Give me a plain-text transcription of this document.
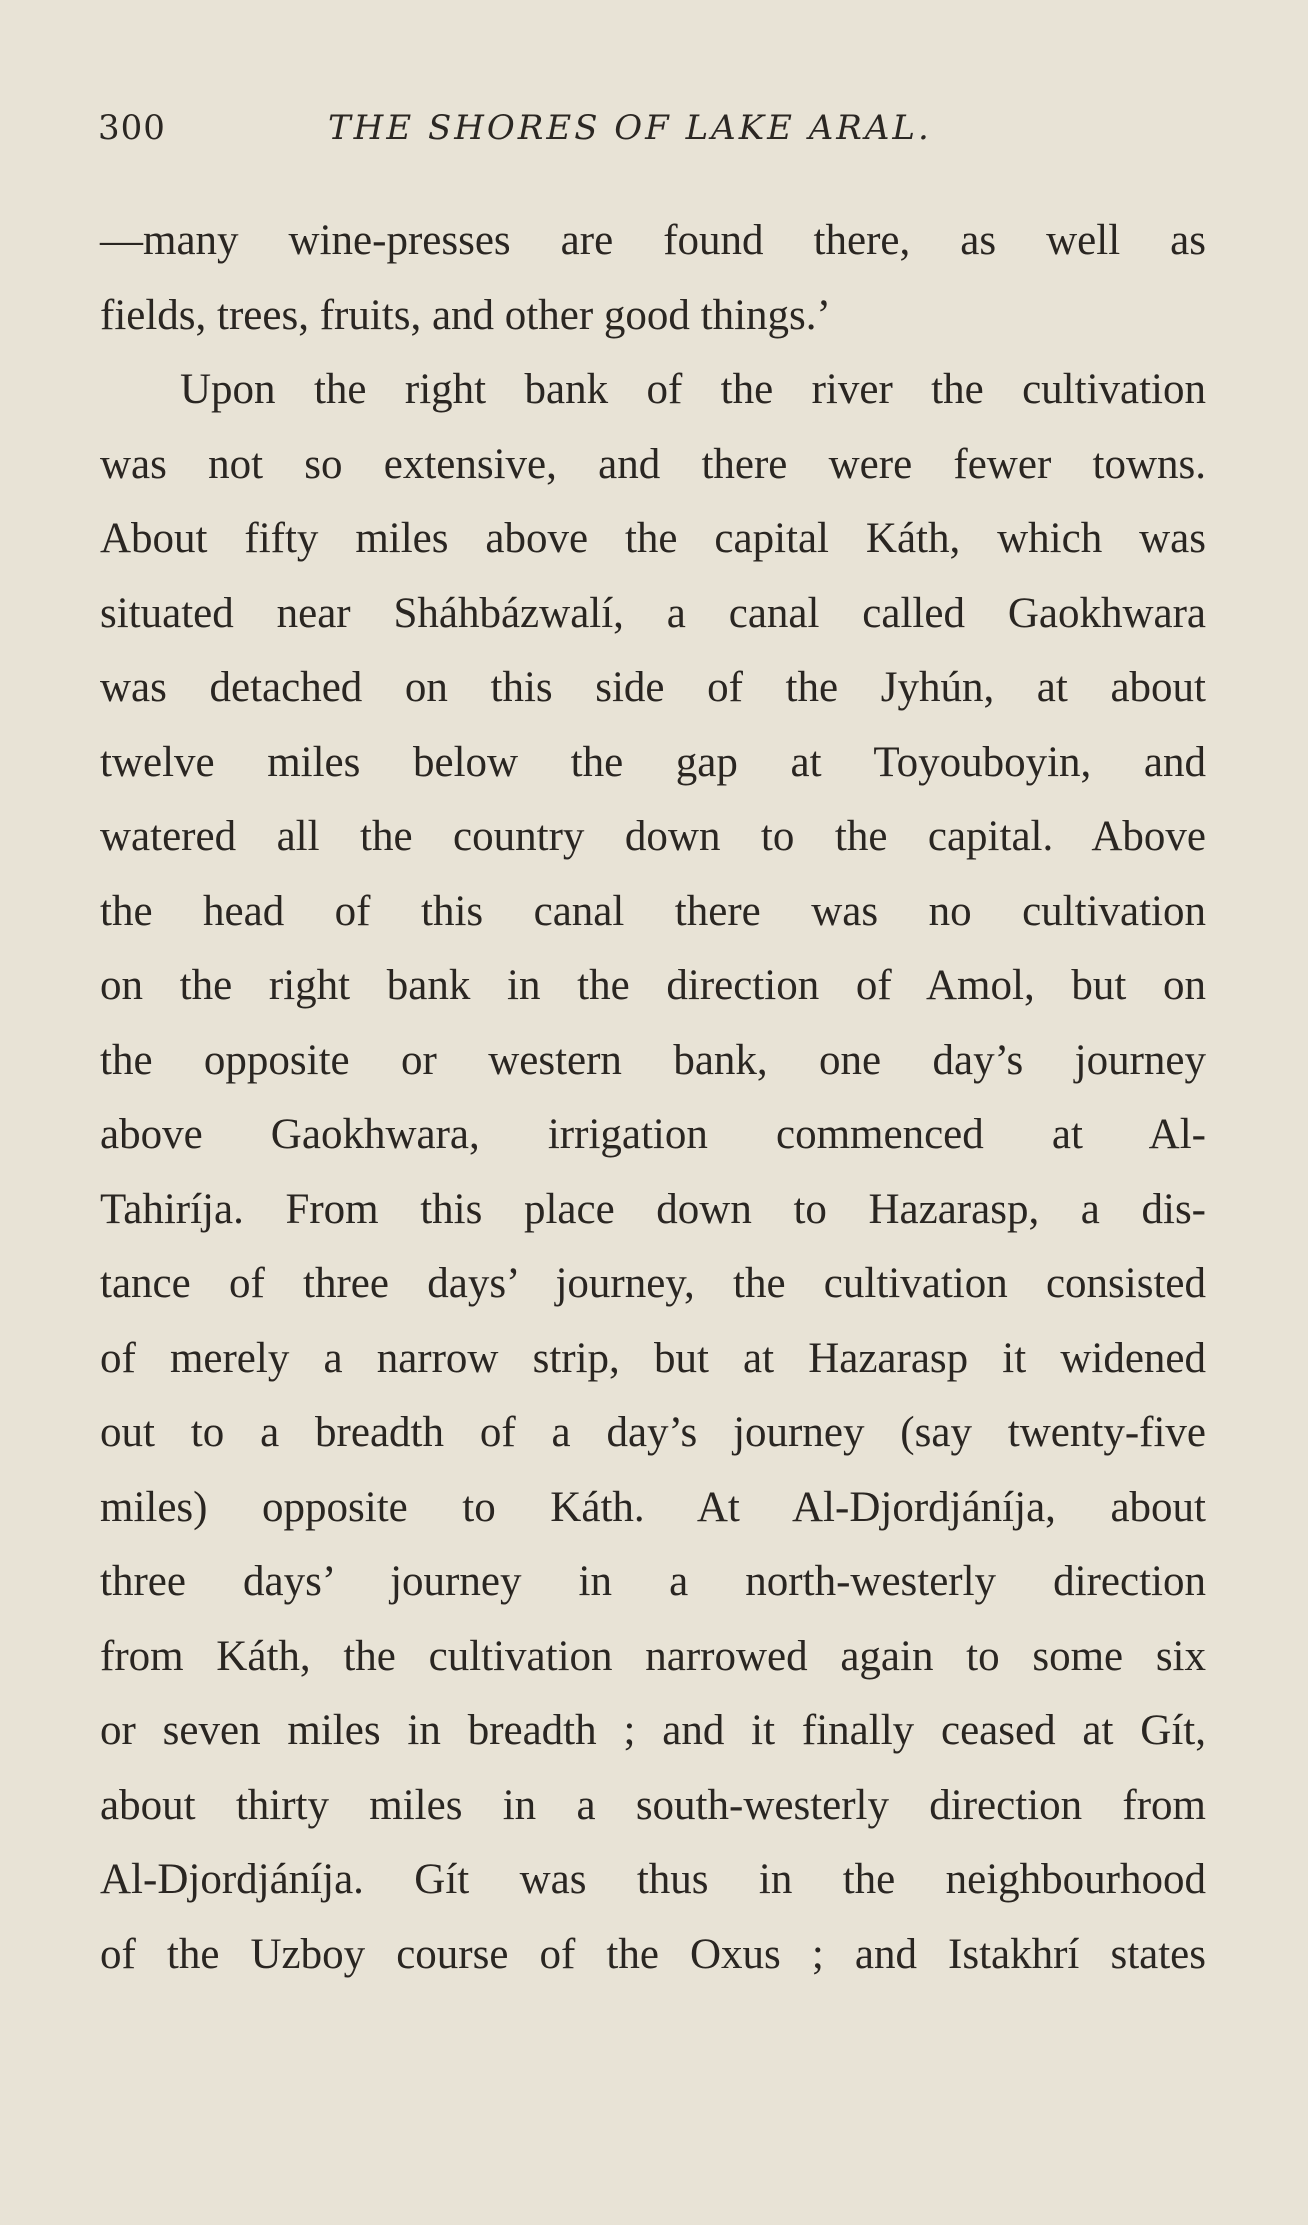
300	THE SHORES OF LAKE ARAL.
—many wine-presses are found there, as well as
fields, trees, fruits, and other good things.’
Upon the right bank of the river the cultivation
was not so extensive, and there were fewer towns.
About fifty miles above the capital Káth, which was
situated near Sháhbázwalí, a canal called Gaokhwara
was detached on this side of the Jyhún, at about
twelve miles below the gap at Toyouboyin, and
watered all the country down to the capital. Above
the head of this canal there was no cultivation
on the right bank in the direction of Amol, but on
the opposite or western bank, one day’s journey
above Gaokhwara, irrigation commenced at Al-
Tahiríja. From this place down to Hazarasp, a dis-
tance of three days’ journey, the cultivation consisted
of merely a narrow strip, but at Hazarasp it widened
out to a breadth of a day’s journey (say twenty-five
miles) opposite to Káth. At Al-Djordjáníja, about
three days’ journey in a north-westerly direction
from Káth, the cultivation narrowed again to some six
or seven miles in breadth ; and it finally ceased at Gít,
about thirty miles in a south-westerly direction from
Al-Djordjáníja. Gít was thus in the neighbourhood
of the Uzboy course of the Oxus ; and Istakhrí states
